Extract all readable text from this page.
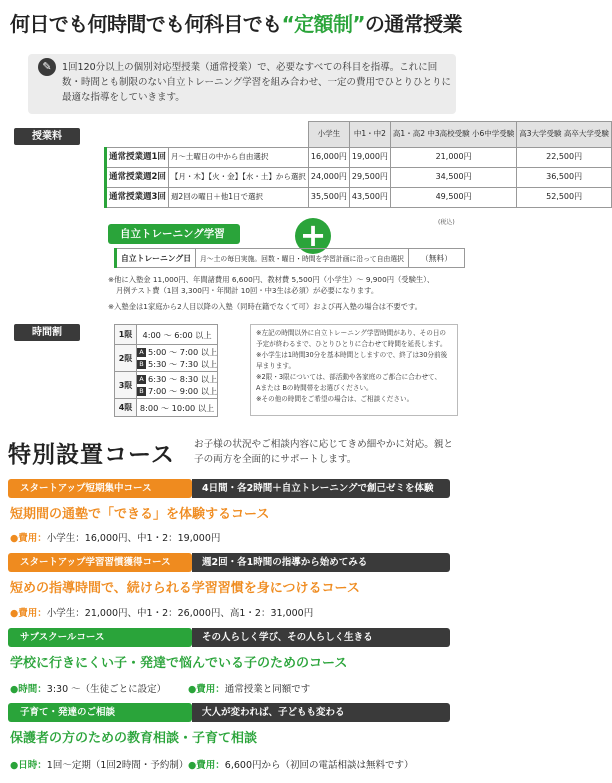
何日でも何時間でも何科目でも“定額制”の通常授業
✎	1回120分以上の個別対応型授業（通常授業）で、必要なすべての科目を指導。これに回数・時間とも制限のない自立トレーニング学習を組み合わせ、一定の費用でひとりひとりに最適な指導をしていきます。
授業料
			小学生	中1・中2	高1・高2 中3高校受験 小6中学受験	高3大学受験 高卒大学受験
通常授業週1回	月〜土曜日の中から自由選択	16,000円	19,000円	21,000円	22,500円
通常授業週2回	【月・木】【火・金】【水・土】から選択	24,000円	29,500円	34,500円	36,500円
通常授業週3回	週2回の曜日＋他1日で選択	35,500円	43,500円	49,500円	52,500円
(税込)
自立トレーニング学習	+
自立トレーニング日	月〜土の毎日実施。回数・曜日・時間を学習計画に沿って自由選択	（無料）
※他に入塾金 11,000円、年間諸費用 6,600円、教材費 5,500円（小学生）〜 9,900円（受験生）、
月例テスト費（1回 3,300円・年間計 10回・中3生は必須）が必要になります。
※入塾金は1家庭から2人目以降の入塾（同時在籍でなくて可）および再入塾の場合は不要です。
時間割	1限	4:00 〜 6:00 以上
2限	A 5:00 〜 7:00 以上
B 5:30 〜 7:30 以上

3限	A 6:30 〜 8:30 以上
B 7:00 〜 9:00 以上

4限	8:00 〜 10:00 以上
※左記の時間以外に自立トレーニング学習時間があり、その日の予定が終わるまで、ひとりひとりに合わせて時間を延長します。
※小学生は1時間30分を基本時間としますので、終了は30分前後早まります。
※2限・3限については、部活動や各家庭のご都合に合わせて、
Aまたは Bの時間帯をお選びください。
※その他の時間をご希望の場合は、ご相談ください。
特別設置コース お子様の状況やご相談内容に応じてきめ細やかに対応。親と子の両方を全面的にサポートします。
スタートアップ短期集中コース	4日間・各2時間＋自立トレーニングで創己ゼミを体験
短期間の通塾で「できる」を体験するコース
●費用：小学生：16,000円、中1・2：19,000円
スタートアップ学習習慣獲得コース	週2回・各1時間の指導から始めてみる
短めの指導時間で、続けられる学習習慣を身につけるコース
●費用：小学生：21,000円、中1・2：26,000円、高1・2：31,000円
サブスクールコース	その人らしく学び、その人らしく生きる
学校に行きにくい子・発達で悩んでいる子のためのコース
●時間：3:30 〜（生徒ごとに設定） ●費用：通常授業と同額です
子育て・発達のご相談	大人が変われば、子どもも変わる
保護者の方のための教育相談・子育て相談
●日時：1回〜定期（1回2時間・予約制） ●費用：6,600円から（初回の電話相談は無料です）
